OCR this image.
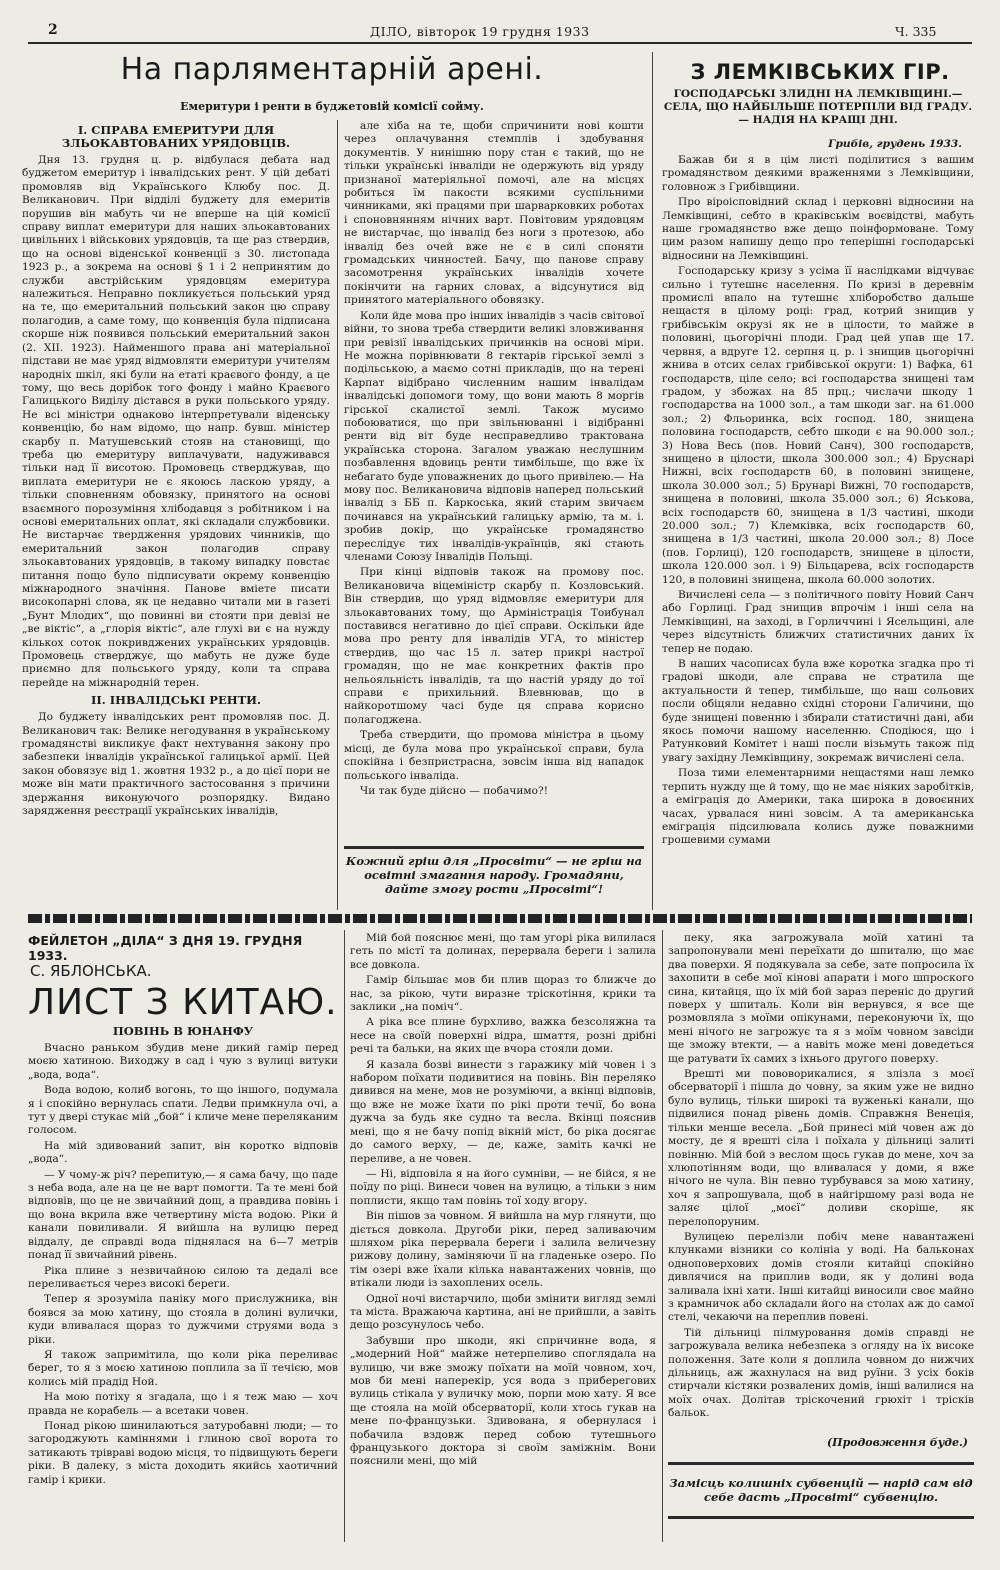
2	ДІЛО, вівторок 19 грудня 1933	Ч. 335
На парляментарній арені.
Емеритури і ренти в буджетовій комісії сойму.

I. СПРАВА ЕМЕРИТУРИ ДЛЯ ЗЛЬОКАВТОВАНИХ УРЯДОВЦІВ.

Дня 13. грудня ц. р. відбулася дебата над буджетом емеритур і інвалідських рент. У цій дебаті промовляв від Українського Клюбу пос. Д. Великанович. При відділі буджету для емеритів порушив він мабуть чи не вперше на цій комісії справу виплат емеритури для наших зльокавтованих цивільних і військових урядовців, та ще раз ствердив, що на основі віденської конвенції з 30. листопада 1923 р., а зокрема на основі § 1 і 2 непринятим до служби австрійським урядовцям емеритура належиться. Неправно покликується польський уряд на те, що емеритальний польський закон цю справу полагодив, а саме тому, що конвенція була підписана скорше ніж появився польський емеритальний закон (2. XII. 1923). Найменшого права ані матеріальної підстави не має уряд відмовляти емеритури учителям народніх шкіл, які були на етаті краєвого фонду, а це тому, що весь дорібок того фонду і майно Краєвого Галицького Виділу дістався в руки польського уряду. Не всі міністри однаково інтерпретували віденську конвенцію, бо нам відомо, що напр. бувш. міністер скарбу п. Матушевський стояв на становищі, що треба цю емеритуру виплачувати, надуживався тільки над її висотою. Промовець стверджував, що виплата емеритури не є якоюсь ласкою уряду, а тільки сповненням обовязку, принятого на основі взаємного порозуміння хлібодавця з робітником і на основі емеритальних оплат, які складали службовики. Не вистарчає твердження урядових чинників, що емеритальний закон полагодив справу зльокавтованих урядовців, в такому випадку повстає питання пощо було підписувати окрему конвенцію міжнародного значіння. Панове вміете писати високопарні слова, як це недавно читали ми в газеті „Бунт Млодих“, що повинні ви стояти при девізі не „ве віктіс“, а „глорія віктіс“, але глухі ви є на нужду кількох соток покривджених українських урядовців. Промовець стверджує, що мабуть не дуже буде приємно для польського уряду, коли та справа перейде на міжнародній терен.

II. ІНВАЛІДСЬКІ РЕНТИ.

До буджету інвалідських рент промовляв пос. Д. Великанович так: Велике негодування в українському громадянстві викликує факт нехтування закону про забезпеки інвалідів української галицької армії. Цей закон обовязує від 1. жовтня 1932 р., а до цієї пори не може він мати практичного застосовання з причини здержання виконуючого розпорядку. Видано зарядження реєстрації українських інвалідів,

але хіба на те, щоби спричинити нові кошти через оплачування стемплів і здобування документів. У нинішню пору стан є такий, що не тільки українські інваліди не одержують від уряду признаної матеріяльної помочі, але на місцях робиться їм пакости всякими суспільними чинниками, які працями при шарварковких роботах і споновнянням нічних варт. Повітовим урядовцям не вистарчає, що інвалід без ноги з протезою, або інвалід без очей вже не є в силі споняти громадських чинностей. Бачу, що панове справу засомотрення українських інвалідів хочете покінчити на гарних словах, а відсунутися від принятого матеріального обовязку.

Коли йде мова про інших інвалідів з часів світової війни, то знова треба ствердити великі зловживання при ревізії інвалідських причинків на основі міри. Не можна порівнювати 8 гектарів гірської землі з подільською, а маємо сотні прикладів, що на терені Карпат відібрано численним нашим інвалідам інвалідські допомоги тому, що вони мають 8 моргів гірської скалистої землі. Також мусимо побоюватися, що при звільнюванні і відібранні ренти від віт буде несправедливо трактована українська сторона. Загалом уважаю неслушним позбавлення вдовиць ренти тимбільше, що вже їх небагато буде уповажнених до цього привілею.— На мову пос. Великановича відповів наперед польський інвалід з ББ п. Каркоська, який старим звичаєм починався на український галицьку армію, та м. і. зробив докір, що українське громадянство переслідує тих інвалідів-українців, які стають членами Союзу Інвалідів Польщі.

При кінці відповів також на промову пос. Великановича віцеміністр скарбу п. Козловський. Він ствердив, що уряд відмовляє емеритури для зльокавтованих тому, що Арміністрація Тоибунал поставився негативно до цієї справи. Оскільки йде мова про ренту для інвалідів УГА, то міністер ствердив, що час 15 л. затер прикрі настрої громадян, що не має конкретних фактів про нельояльність інвалідів, та що настій уряду до тої справи є прихильний. Влевнював, що в найкоротшому часі буде ця справа корисно полагоджена.

Треба ствердити, що промова міністра в цьому місці, де була мова про української справи, була спокійна і безпристрасна, зовсім інша від нападок польського інваліда.

Чи так буде дійсно — побачимо?!

Кожний гріш для „Просвіти“ — не гріш на освітні змагання народу. Громадяни, дайте змогу рости „Просвіті“!
З ЛЕМКІВСЬКИХ ГІР.
ГОСПОДАРСЬКІ ЗЛИДНІ НА ЛЕМКІВЩИНІ.— СЕЛА, ЩО НАЙБІЛЬШЕ ПОТЕРПІЛИ ВІД ГРАДУ. — НАДІЯ НА КРАЩІ ДНІ.
Грибів, грудень 1933.

Бажав би я в цім листі поділитися з вашим громадянством деякими враженнями з Лемківщини, головнож з Грибівщини.

Про віроісповідний склад і церковні відносини на Лемківщині, себто в краківськім воєвідстві, мабуть наше громадянство вже дещо поінформоване. Тому цим разом напишу дещо про теперішні господарські відносини на Лемківщині.

Господарську кризу з усіма її наслідками відчуває сильно і тутешнє населення. По кризі в деревнім промислі впало на тутешнє хліборобство дальше нещастя в цілому році: град, котрий знищив у грибівськім окрузі як не в цілости, то майже в половині, цьогорічні плоди. Град цей упав ще 17. червня, а вдруге 12. серпня ц. р. і знищив цьогорічні жнива в отсих селах грибівської округи: 1) Вафка, 61 господарств, ціле село; всі господарства знищені там градом, у збожах на 85 прц.; числачи шкоду 1 господарства на 1000 зол., а там шкоди заг. на 61.000 зол.; 2) Фльоринка, всіх господ. 180, знищена половина господарств, себто шкоди є на 90.000 зол.; 3) Нова Весь (пов. Новий Санч), 300 господарств, знищено в цілости, школа 300.000 зол.; 4) Бруснарі Нижні, всіх господарств 60, в половині знищене, школа 30.000 зол.; 5) Брунарі Вижні, 70 господарств, знищена в половині, школа 35.000 зол.; 6) Яськова, всіх господарств 60, знищена в 1/3 частині, шкоди 20.000 зол.; 7) Клемківка, всіх господарств 60, знищена в 1/3 частині, школа 20.000 зол.; 8) Лосе (пов. Горлиці), 120 господарств, знищене в цілости, школа 120.000 зол. і 9) Більцарева, всіх господарств 120, в половині знищена, школа 60.000 золотих.

Вичислені села — з політичного повіту Новий Санч або Горлиці. Град знищив впрочім і інші села на Лемківщині, на заході, в Горличчині і Ясельщині, але через відсутність ближчих статистичних даних їх тепер не подаю.

В наших часописах була вже коротка згадка про ті градові шкоди, але справа не стратила ще актуальности й тепер, тимбільше, що наш сольових посли обіцяли недавно східні сторони Галичини, що буде знищені повенню і збирали статистичні дані, аби якось помочи нашому населенню. Сподіюся, що і Ратунковий Комітет і наші посли візьмуть також під увагу західну Лемківщину, зокремаж вичислені села.

Поза тими елементарними нещастями наш лемко терпить нужду ще й тому, що не має ніяких заробітків, а еміграція до Америки, така широка в довоєнних часах, урвалася нині зовсім. А та американська еміграція підсилювала колись дуже поважними грошевими сумами

ФЕЙЛЕТОН „ДІЛА“ З ДНЯ 19. ГРУДНЯ 1933.
С. ЯБЛОНСЬКА.
ЛИСТ З КИТАЮ.
ПОВІНЬ В ЮНАНФУ

Вчасно раньком збудив мене дикий гамір перед моєю хатиною. Виходжу в сад і чую з вулиці витуки „вода, вода“.

Вода водою, колиб вогонь, то що іншого, подумала я і спокійно вернулась спати. Ледви примкнула очі, а тут у двері стукає мій „бой“ і кличе мене переляканим голосом.

На мій здивований запит, він коротко відповів „вода“.

— У чому-ж річ? перепитую,— я сама бачу, що паде з неба вода, але на це не варт помогти. Та те мені бой відповів, що це не звичайний дощ, а правдива повінь і що вона вкрила вже четвертину міста водою. Ріки й канали повиливали. Я вийшла на вулицю перед віддалу, де справді вода піднялася на 6—7 метрів понад її звичайний рівень.

Ріка плине з незвичайною силою та дедалі все переливається через високі береги.

Тепер я зрозуміла паніку мого прислужника, він боявся за мою хатину, що стояла в долині вулички, куди вливалася щораз то дужчими струями вода з ріки.

Я також запримітила, що коли ріка переливає берег, то я з моєю хатиною поплила за її течією, мов колись мій прадід Ной.

На мою потіху я згадала, що і я теж маю — хоч правда не корабель — а всетаки човен.

Понад рікою шинилаються затуробавні люди; — то загороджують каміннями і глиною свої ворота то затикають трівраві водою місця, то підвищують береги ріки. В далеку, з міста доходить якийсь хаотичний гамір і крики.

Мій бой пояснює мені, що там угорі ріка вилилася геть по містї та долинах, перервала береги і залила все довкола.

Гамір більшає мов би плив щораз то ближче до нас, за рікою, чути виразне тріскотіння, крики та заклики „на поміч“.

А ріка все плине бурхливо, важка безсоляжна та несе на своїй поверхні відра, шмаття, розні дрібні речі та бальки, на яких ще вчора стояли доми.

Я казала бозві винести з гаражику мій човен і з набором поїхати подивитися на повінь. Він переляко дивився на мене, мов не розуміючи, а вкінці відповів, що вже не може їхати по рікі проти течії, бо вона дужча за будь яке судно та весла. Вкінці пояснив мені, що я не бачу попід вікній міст, бо ріка досягає до самого верху, — де, каже, заміть качкі не переливе, а не човен.

— Ні, відповіла я на його сумніви, — не бійся, я не поїду по ріці. Винеси човен на вулицю, а тільки з ним поплисти, якщо там повінь тої ходу вгору.

Він пішов за човном. Я вийшла на мур глянути, що діється довкола. Другоби ріки, перед заливаючим шляхом ріка перервала береги і залила величезну рижову долину, заміняючи її на гладеньке озеро. По тім озері вже їхали кілька навантажених човнів, що втікали люди із захоплених осель.

Одної ночі вистарчило, щоби змінити вигляд землі та міста. Вражаюча картина, ані не прийшли, а завіть дещо розсунулось чебо.

Забувши про шкоди, які спричинне вода, я „модерний Ной“ майже нетерпеливо споглядала на вулицю, чи вже зможу поїхати на моїй човном, хоч, мов би мені наперекір, уся вода з приберегових вулиць стікала у вуличку мою, порпи мою хату. Я все ще стояла на моїй обсерваторії, коли хтось гукав на мене по-французьки. Здивована, я обернулася і побачила вздовж перед собою тутешнього французького доктора зі своїм заміжнім. Вони пояснили мені, що мій

пеку, яка загрожувала моїй хатині та запропонували мені переїхати до шпиталю, що має два поверхи. Я подякувала за себе, зате попросила їх захопити в себе мої кінові апарати і мого шпроского сина, китайця, що їх мій бой зараз переніс до другий поверх у шпиталь. Коли він вернувся, я все ще розмовляла з моїми опікунами, переконуючи їх, що мені нічого не загрожує та я з моїм човном завсіди ще зможу втекти, — а навіть може мені доведеться ще ратувати їх самих з іхнього другого поверху.

Врешті ми пововорикалися, я злізла з моєї обсерваторії і пішла до човну, за яким уже не видно було вулиць, тільки широкі та вуженькі канали, що підвилися понад рівень домів. Справжня Венеція, тільки менше весела. „Бой принесі мій човен аж до мосту, де я врешті сіла і поїхала у дільниці залиті повінню. Мій бой з веслом щось гукав до мене, хоч за хлюпотінням води, що вливалася у доми, я вже нічого не чула. Він певно турбувався за мою хатину, хоч я запрошувала, щоб в найгіршому разі вода не заляє цілої „моєї“ доливи скоріше, як перелопоруним.

Вулицею перелізли побіч мене навантажені клунками візники со колініа у воді. На бальконах одноповерхових домів стояли китайці спокійно дивлячися на приплив води, як у долині вода заливала іхні хати. Інші китайці виносили своє майно з крамничок або складали його на столах аж до самої стелі, чекаючи на переплив повені.

Тій дільниці пілмуровання домів справді не загрожувала велика небезпека з огляду на їх високе положення. Зате коли я доплила човном до нижчих дільниць, аж жахнулася на вид руїни. З усіх боків стирчали кістяки розвалених домів, інші валилися на моїх очах. Долітав тріскочений грюхіт і трісків бальок.

(Продовження буде.)
Замісць колишніх субвенцій — нарід сам від себе дасть „Просвіті“ субвенцію.
